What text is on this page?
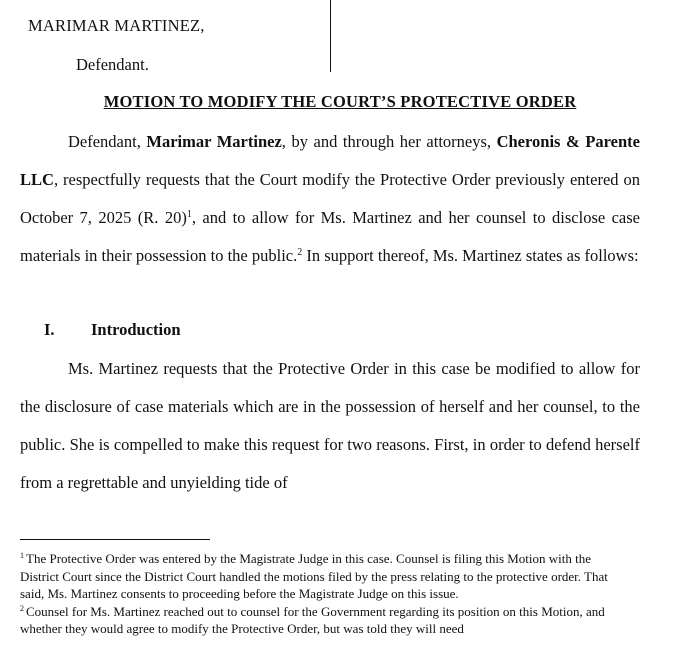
MARIMAR MARTINEZ,
Defendant.
MOTION TO MODIFY THE COURT’S PROTECTIVE ORDER

Defendant, Marimar Martinez, by and through her attorneys, Cheronis & Parente LLC, respectfully requests that the Court modify the Protective Order previously entered on October 7, 2025 (R. 20)$^1$, and to allow for Ms. Martinez and her counsel to disclose case materials in their possession to the public.$^2$ In support thereof, Ms. Martinez states as follows:

I. Introduction

Ms. Martinez requests that the Protective Order in this case be modified to allow for the disclosure of case materials which are in the possession of herself and her counsel, to the public. She is compelled to make this request for two reasons. First, in order to defend herself from a regrettable and unyielding tide of

$^1$ The Protective Order was entered by the Magistrate Judge in this case. Counsel is filing this Motion with the District Court since the District Court handled the motions filed by the press relating to the protective order. That said, Ms. Martinez consents to proceeding before the Magistrate Judge on this issue.

$^2$ Counsel for Ms. Martinez reached out to counsel for the Government regarding its position on this Motion, and whether they would agree to modify the Protective Order, but was told they will need
